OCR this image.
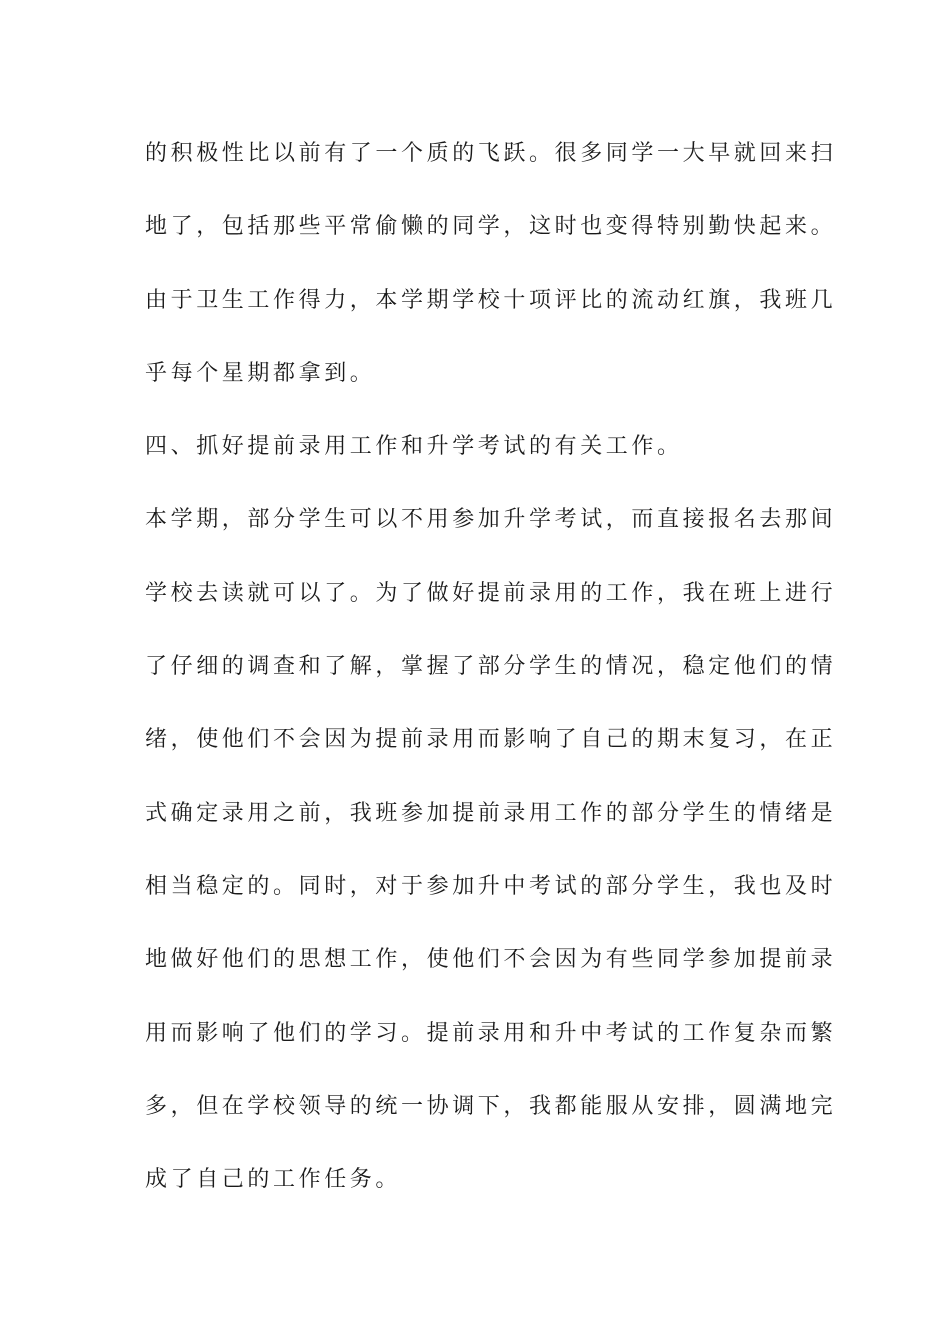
的积极性比以前有了一个质的飞跃。很多同学一大早就回来扫
地了，包括那些平常偷懒的同学，这时也变得特别勤快起来。
由于卫生工作得力，本学期学校十项评比的流动红旗，我班几
乎每个星期都拿到。
四、抓好提前录用工作和升学考试的有关工作。
本学期，部分学生可以不用参加升学考试，而直接报名去那间
学校去读就可以了。为了做好提前录用的工作，我在班上进行
了仔细的调查和了解，掌握了部分学生的情况，稳定他们的情
绪，使他们不会因为提前录用而影响了自己的期末复习，在正
式确定录用之前，我班参加提前录用工作的部分学生的情绪是
相当稳定的。同时，对于参加升中考试的部分学生，我也及时
地做好他们的思想工作，使他们不会因为有些同学参加提前录
用而影响了他们的学习。提前录用和升中考试的工作复杂而繁
多，但在学校领导的统一协调下，我都能服从安排，圆满地完
成了自己的工作任务。
